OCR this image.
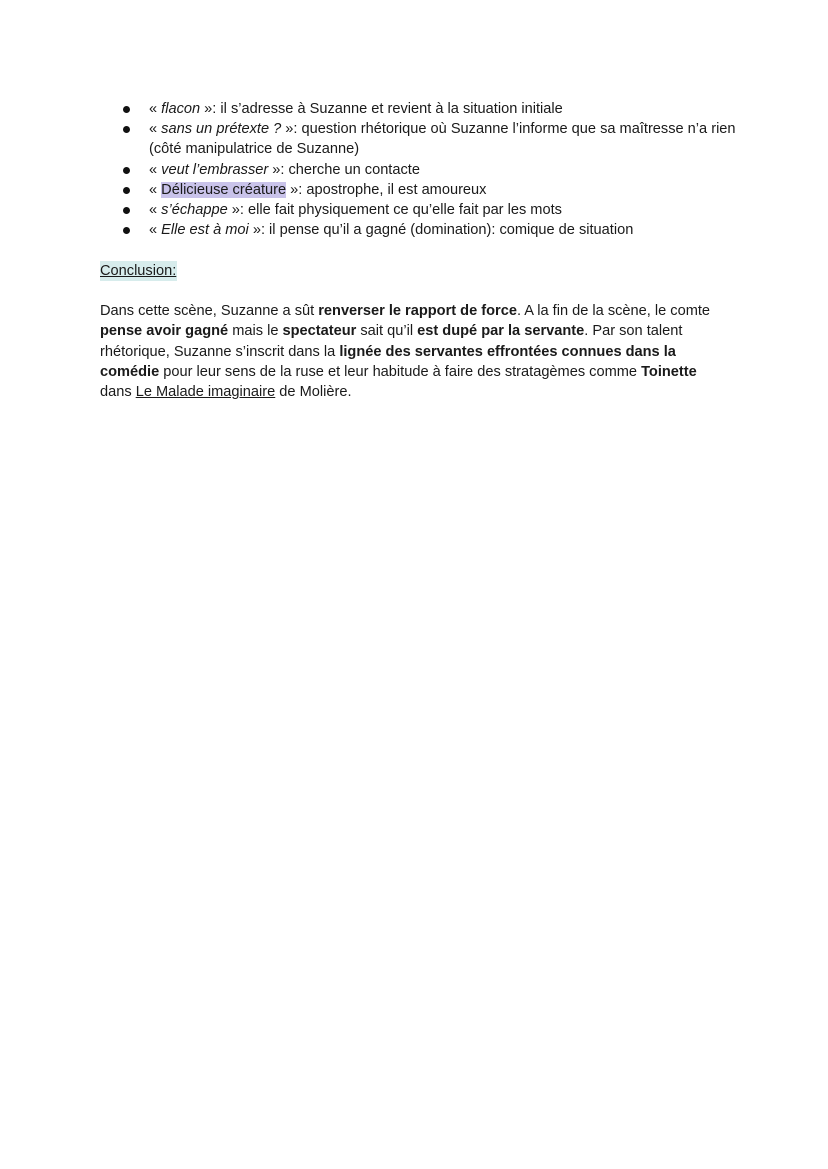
« flacon »: il s’adresse à Suzanne et revient à la situation initiale
« sans un prétexte ? »: question rhétorique où Suzanne l’informe que sa maîtresse n’a rien (côté manipulatrice de Suzanne)
« veut l’embrasser »: cherche un contacte
« Délicieuse créature »: apostrophe, il est amoureux
« s’échappe »: elle fait physiquement ce qu’elle fait par les mots
« Elle est à moi »: il pense qu’il a gagné (domination): comique de situation
Conclusion:

Dans cette scène, Suzanne a sût renverser le rapport de force. A la fin de la scène, le comte pense avoir gagné mais le spectateur sait qu’il est dupé par la servante. Par son talent rhétorique, Suzanne s’inscrit dans la lignée des servantes effrontées connues dans la comédie pour leur sens de la ruse et leur habitude à faire des stratagèmes comme Toinette dans Le Malade imaginaire de Molière.
